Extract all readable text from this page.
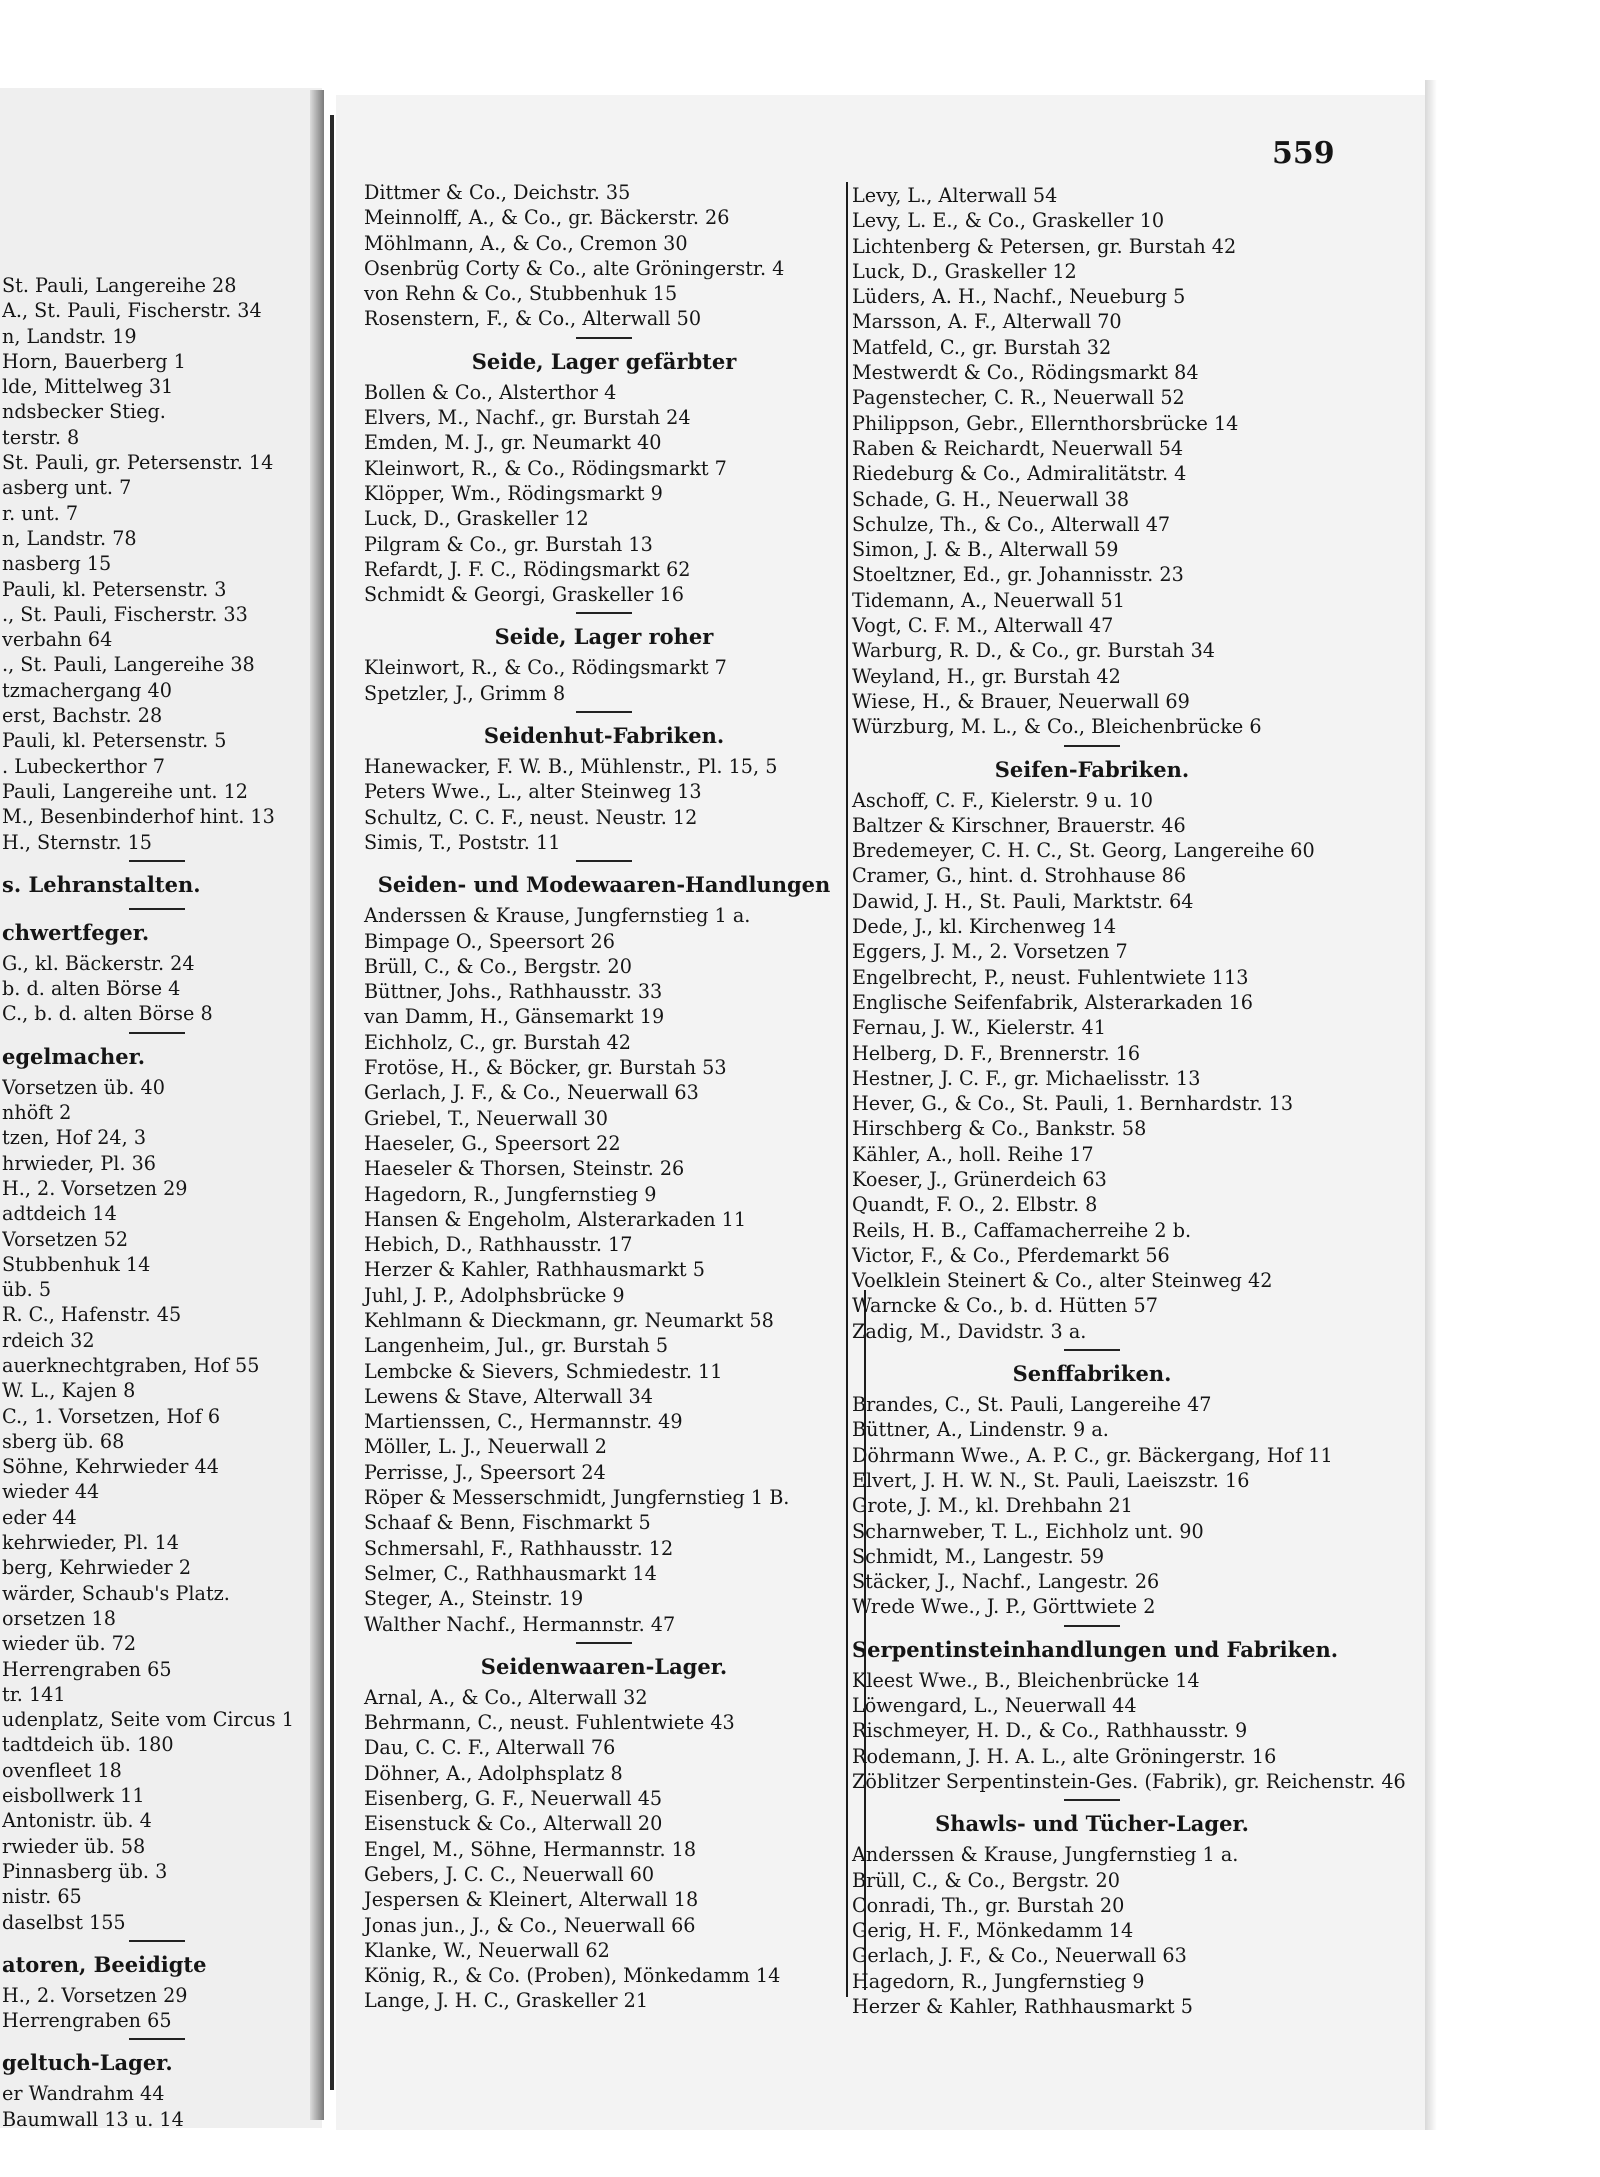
St. Pauli, Langereihe 28
A., St. Pauli, Fischerstr. 34
n, Landstr. 19
Horn, Bauerberg 1
lde, Mittelweg 31
ndsbecker Stieg.
terstr. 8
St. Pauli, gr. Petersenstr. 14
asberg unt. 7
r. unt. 7
n, Landstr. 78
nasberg 15
Pauli, kl. Petersenstr. 3
., St. Pauli, Fischerstr. 33
verbahn 64
., St. Pauli, Langereihe 38
tzmachergang 40
erst, Bachstr. 28
Pauli, kl. Petersenstr. 5
. Lubeckerthor 7
Pauli, Langereihe unt. 12
M., Besenbinderhof hint. 13
H., Sternstr. 15
s. Lehranstalten.
chwertfeger.
G., kl. Bäckerstr. 24
b. d. alten Börse 4
C., b. d. alten Börse 8
egelmacher.
Vorsetzen üb. 40
nhöft 2
tzen, Hof 24, 3
hrwieder, Pl. 36
H., 2. Vorsetzen 29
adtdeich 14
Vorsetzen 52
Stubbenhuk 14
üb. 5
R. C., Hafenstr. 45
rdeich 32
auerknechtgraben, Hof 55
W. L., Kajen 8
C., 1. Vorsetzen, Hof 6
sberg üb. 68
Söhne, Kehrwieder 44
wieder 44
eder 44
kehrwieder, Pl. 14
berg, Kehrwieder 2
wärder, Schaub's Platz.
orsetzen 18
wieder üb. 72
Herrengraben 65
tr. 141
udenplatz, Seite vom Circus 1
tadtdeich üb. 180
ovenfleet 18
eisbollwerk 11
Antonistr. üb. 4
rwieder üb. 58
Pinnasberg üb. 3
nistr. 65
daselbst 155
atoren, Beeidigte
H., 2. Vorsetzen 29
Herrengraben 65
geltuch-Lager.
er Wandrahm 44
Baumwall 13 u. 14
559
Dittmer & Co., Deichstr. 35
Meinnolff, A., & Co., gr. Bäckerstr. 26
Möhlmann, A., & Co., Cremon 30
Osenbrüg Corty & Co., alte Gröningerstr. 4
von Rehn & Co., Stubbenhuk 15
Rosenstern, F., & Co., Alterwall 50
Seide, Lager gefärbter
Bollen & Co., Alsterthor 4
Elvers, M., Nachf., gr. Burstah 24
Emden, M. J., gr. Neumarkt 40
Kleinwort, R., & Co., Rödingsmarkt 7
Klöpper, Wm., Rödingsmarkt 9
Luck, D., Graskeller 12
Pilgram & Co., gr. Burstah 13
Refardt, J. F. C., Rödingsmarkt 62
Schmidt & Georgi, Graskeller 16
Seide, Lager roher
Kleinwort, R., & Co., Rödingsmarkt 7
Spetzler, J., Grimm 8
Seidenhut-Fabriken.
Hanewacker, F. W. B., Mühlenstr., Pl. 15, 5
Peters Wwe., L., alter Steinweg 13
Schultz, C. C. F., neust. Neustr. 12
Simis, T., Poststr. 11
Seiden- und Modewaaren-Handlungen
Anderssen & Krause, Jungfernstieg 1 a.
Bimpage O., Speersort 26
Brüll, C., & Co., Bergstr. 20
Büttner, Johs., Rathhausstr. 33
van Damm, H., Gänsemarkt 19
Eichholz, C., gr. Burstah 42
Frotöse, H., & Böcker, gr. Burstah 53
Gerlach, J. F., & Co., Neuerwall 63
Griebel, T., Neuerwall 30
Haeseler, G., Speersort 22
Haeseler & Thorsen, Steinstr. 26
Hagedorn, R., Jungfernstieg 9
Hansen & Engeholm, Alsterarkaden 11
Hebich, D., Rathhausstr. 17
Herzer & Kahler, Rathhausmarkt 5
Juhl, J. P., Adolphsbrücke 9
Kehlmann & Dieckmann, gr. Neumarkt 58
Langenheim, Jul., gr. Burstah 5
Lembcke & Sievers, Schmiedestr. 11
Lewens & Stave, Alterwall 34
Martienssen, C., Hermannstr. 49
Möller, L. J., Neuerwall 2
Perrisse, J., Speersort 24
Röper & Messerschmidt, Jungfernstieg 1 B.
Schaaf & Benn, Fischmarkt 5
Schmersahl, F., Rathhausstr. 12
Selmer, C., Rathhausmarkt 14
Steger, A., Steinstr. 19
Walther Nachf., Hermannstr. 47
Seidenwaaren-Lager.
Arnal, A., & Co., Alterwall 32
Behrmann, C., neust. Fuhlentwiete 43
Dau, C. C. F., Alterwall 76
Döhner, A., Adolphsplatz 8
Eisenberg, G. F., Neuerwall 45
Eisenstuck & Co., Alterwall 20
Engel, M., Söhne, Hermannstr. 18
Gebers, J. C. C., Neuerwall 60
Jespersen & Kleinert, Alterwall 18
Jonas jun., J., & Co., Neuerwall 66
Klanke, W., Neuerwall 62
König, R., & Co. (Proben), Mönkedamm 14
Lange, J. H. C., Graskeller 21
Levy, L., Alterwall 54
Levy, L. E., & Co., Graskeller 10
Lichtenberg & Petersen, gr. Burstah 42
Luck, D., Graskeller 12
Lüders, A. H., Nachf., Neueburg 5
Marsson, A. F., Alterwall 70
Matfeld, C., gr. Burstah 32
Mestwerdt & Co., Rödingsmarkt 84
Pagenstecher, C. R., Neuerwall 52
Philippson, Gebr., Ellernthorsbrücke 14
Raben & Reichardt, Neuerwall 54
Riedeburg & Co., Admiralitätstr. 4
Schade, G. H., Neuerwall 38
Schulze, Th., & Co., Alterwall 47
Simon, J. & B., Alterwall 59
Stoeltzner, Ed., gr. Johannisstr. 23
Tidemann, A., Neuerwall 51
Vogt, C. F. M., Alterwall 47
Warburg, R. D., & Co., gr. Burstah 34
Weyland, H., gr. Burstah 42
Wiese, H., & Brauer, Neuerwall 69
Würzburg, M. L., & Co., Bleichenbrücke 6
Seifen-Fabriken.
Aschoff, C. F., Kielerstr. 9 u. 10
Baltzer & Kirschner, Brauerstr. 46
Bredemeyer, C. H. C., St. Georg, Langereihe 60
Cramer, G., hint. d. Strohhause 86
Dawid, J. H., St. Pauli, Marktstr. 64
Dede, J., kl. Kirchenweg 14
Eggers, J. M., 2. Vorsetzen 7
Engelbrecht, P., neust. Fuhlentwiete 113
Englische Seifenfabrik, Alsterarkaden 16
Fernau, J. W., Kielerstr. 41
Helberg, D. F., Brennerstr. 16
Hestner, J. C. F., gr. Michaelisstr. 13
Hever, G., & Co., St. Pauli, 1. Bernhardstr. 13
Hirschberg & Co., Bankstr. 58
Kähler, A., holl. Reihe 17
Koeser, J., Grünerdeich 63
Quandt, F. O., 2. Elbstr. 8
Reils, H. B., Caffamacherreihe 2 b.
Victor, F., & Co., Pferdemarkt 56
Voelklein Steinert & Co., alter Steinweg 42
Warncke & Co., b. d. Hütten 57
Zadig, M., Davidstr. 3 a.
Senffabriken.
Brandes, C., St. Pauli, Langereihe 47
Büttner, A., Lindenstr. 9 a.
Döhrmann Wwe., A. P. C., gr. Bäckergang, Hof 11
Elvert, J. H. W. N., St. Pauli, Laeiszstr. 16
Grote, J. M., kl. Drehbahn 21
Scharnweber, T. L., Eichholz unt. 90
Schmidt, M., Langestr. 59
Stäcker, J., Nachf., Langestr. 26
Wrede Wwe., J. P., Görttwiete 2
Serpentinsteinhandlungen und Fabriken.
Kleest Wwe., B., Bleichenbrücke 14
Löwengard, L., Neuerwall 44
Rischmeyer, H. D., & Co., Rathhausstr. 9
Rodemann, J. H. A. L., alte Gröningerstr. 16
Zöblitzer Serpentinstein-Ges. (Fabrik), gr. Reichenstr. 46
Shawls- und Tücher-Lager.
Anderssen & Krause, Jungfernstieg 1 a.
Brüll, C., & Co., Bergstr. 20
Conradi, Th., gr. Burstah 20
Gerig, H. F., Mönkedamm 14
Gerlach, J. F., & Co., Neuerwall 63
Hagedorn, R., Jungfernstieg 9
Herzer & Kahler, Rathhausmarkt 5
